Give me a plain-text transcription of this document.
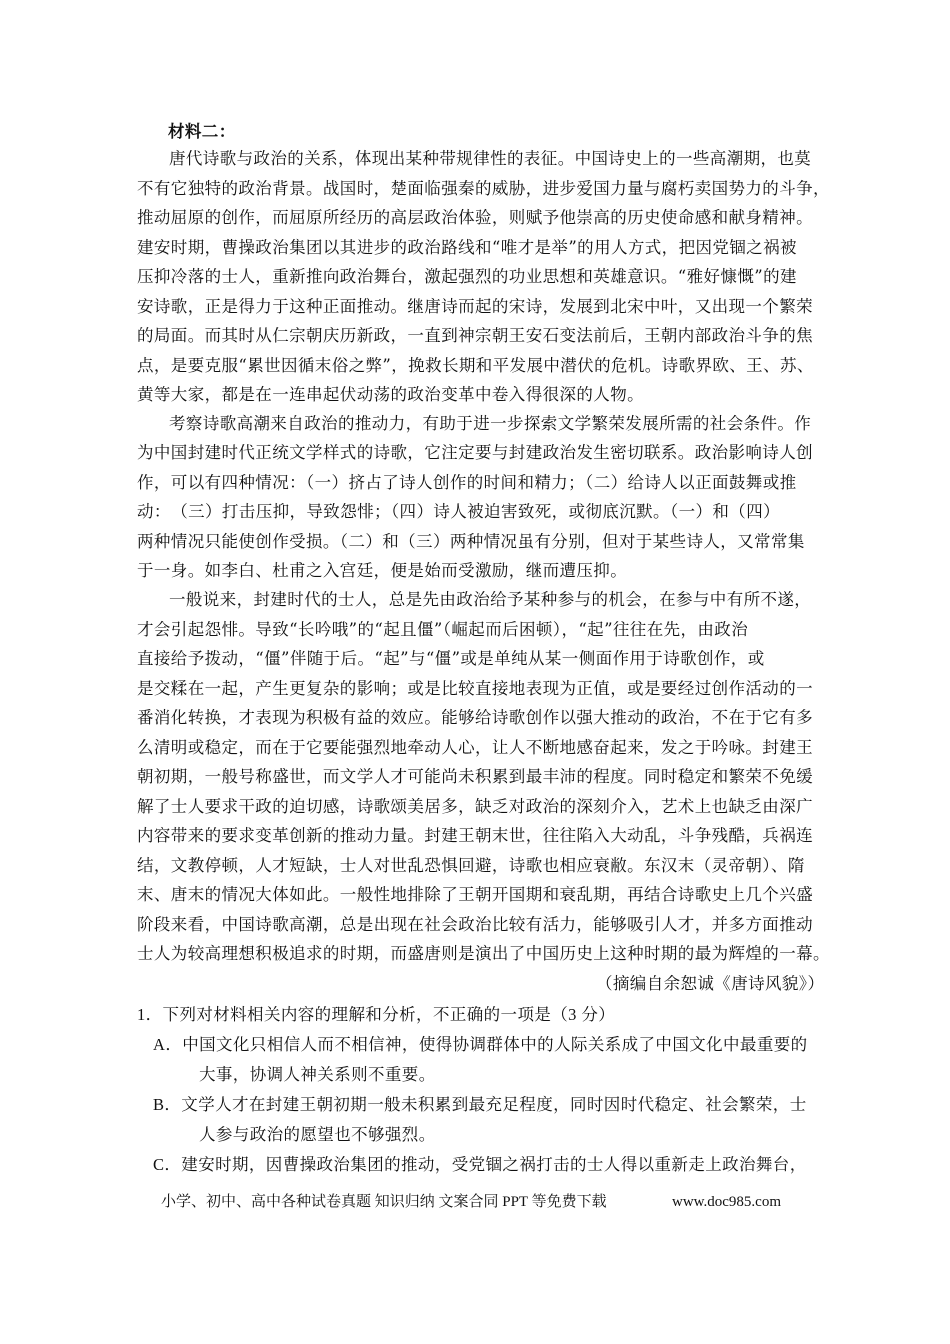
材料二：
唐代诗歌与政治的关系，体现出某种带规律性的表征。中国诗史上的一些高潮期，也莫
不有它独特的政治背景。战国时，楚面临强秦的威胁，进步爱国力量与腐朽卖国势力的斗争，
推动屈原的创作，而屈原所经历的高层政治体验，则赋予他崇高的历史使命感和献身精神。
建安时期，曹操政治集团以其进步的政治路线和“唯才是举”的用人方式，把因党锢之祸被
压抑冷落的士人，重新推向政治舞台，激起强烈的功业思想和英雄意识。“雅好慷慨”的建
安诗歌，正是得力于这种正面推动。继唐诗而起的宋诗，发展到北宋中叶，又出现一个繁荣
的局面。而其时从仁宗朝庆历新政，一直到神宗朝王安石变法前后，王朝内部政治斗争的焦
点，是要克服“累世因循末俗之弊”，挽救长期和平发展中潜伏的危机。诗歌界欧、王、苏、
黄等大家，都是在一连串起伏动荡的政治变革中卷入得很深的人物。
考察诗歌高潮来自政治的推动力，有助于进一步探索文学繁荣发展所需的社会条件。作
为中国封建时代正统文学样式的诗歌，它注定要与封建政治发生密切联系。政治影响诗人创
作，可以有四种情况：（一）挤占了诗人创作的时间和精力；（二）给诗人以正面鼓舞或推
动：　（三）打击压抑，导致怨悱；（四）诗人被迫害致死，或彻底沉默。（一）和（四）
两种情况只能使创作受损。（二）和（三）两种情况虽有分别，但对于某些诗人，又常常集
于一身。如李白、杜甫之入宫廷，便是始而受激励，继而遭压抑。
一般说来，封建时代的士人，总是先由政治给予某种参与的机会，在参与中有所不遂，
才会引起怨悱。导致“长吟哦”的“起且僵”（崛起而后困顿），“起”往往在先，由政治
直接给予拨动，“僵”伴随于后。“起”与“僵”或是单纯从某一侧面作用于诗歌创作，或
是交糅在一起，产生更复杂的影响；或是比较直接地表现为正值，或是要经过创作活动的一
番消化转换，才表现为积极有益的效应。能够给诗歌创作以强大推动的政治，不在于它有多
么清明或稳定，而在于它要能强烈地牵动人心，让人不断地感奋起来，发之于吟咏。封建王
朝初期，一般号称盛世，而文学人才可能尚未积累到最丰沛的程度。同时稳定和繁荣不免缓
解了士人要求干政的迫切感，诗歌颂美居多，缺乏对政治的深刻介入，艺术上也缺乏由深广
内容带来的要求变革创新的推动力量。封建王朝末世，往往陷入大动乱，斗争残酷，兵祸连
结，文教停顿，人才短缺，士人对世乱恐惧回避，诗歌也相应衰敝。东汉末（灵帝朝）、隋
末、唐末的情况大体如此。一般性地排除了王朝开国期和衰乱期，再结合诗歌史上几个兴盛
阶段来看，中国诗歌高潮，总是出现在社会政治比较有活力，能够吸引人才，并多方面推动
士人为较高理想积极追求的时期，而盛唐则是演出了中国历史上这种时期的最为辉煌的一幕。
（摘编自余恕诚《唐诗风貌》）
1．下列对材料相关内容的理解和分析，不正确的一项是（3 分）
A．中国文化只相信人而不相信神，使得协调群体中的人际关系成了中国文化中最重要的
大事，协调人神关系则不重要。
B．文学人才在封建王朝初期一般未积累到最充足程度，同时因时代稳定、社会繁荣，士
人参与政治的愿望也不够强烈。
C．建安时期，因曹操政治集团的推动，受党锢之祸打击的士人得以重新走上政治舞台，
小学、初中、高中各种试卷真题 知识归纳 文案合同 PPT 等免费下载	www.doc985.com
